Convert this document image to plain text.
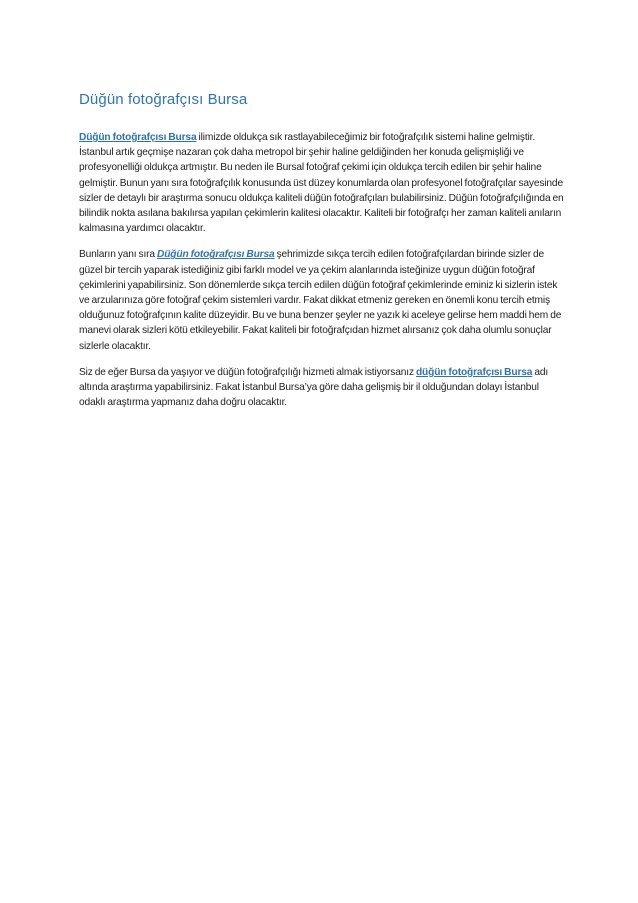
Düğün fotoğrafçısı Bursa

Düğün fotoğrafçısı Bursa ilimizde oldukça sık rastlayabileceğimiz bir fotoğrafçılık sistemi haline gelmiştir. İstanbul artık geçmişe nazaran çok daha metropol bir şehir haline geldiğinden her konuda gelişmişliği ve profesyonelliği oldukça artmıştır. Bu neden ile Bursal fotoğraf çekimi için oldukça tercih edilen bir şehir haline gelmiştir. Bunun yanı sıra fotoğrafçılık konusunda üst düzey konumlarda olan profesyonel fotoğrafçılar sayesinde sizler de detaylı bir araştırma sonucu oldukça kaliteli düğün fotoğrafçıları bulabilirsiniz. Düğün fotoğrafçılığında en bilindik nokta asılana bakılırsa yapılan çekimlerin kalitesi olacaktır. Kaliteli bir fotoğrafçı her zaman kaliteli anıların kalmasına yardımcı olacaktır.

Bunların yanı sıra Düğün fotoğrafçısı Bursa şehrimizde sıkça tercih edilen fotoğrafçılardan birinde sizler de güzel bir tercih yaparak istediğiniz gibi farklı model ve ya çekim alanlarında isteğinize uygun düğün fotoğraf çekimlerini yapabilirsiniz. Son dönemlerde sıkça tercih edilen düğün fotoğraf çekimlerinde eminiz ki sizlerin istek ve arzularınıza göre fotoğraf çekim sistemleri vardır. Fakat dikkat etmeniz gereken en önemli konu tercih etmiş olduğunuz fotoğrafçının kalite düzeyidir. Bu ve buna benzer şeyler ne yazık ki aceleye gelirse hem maddi hem de manevi olarak sizleri kötü etkileyebilir. Fakat kaliteli bir fotoğrafçıdan hizmet alırsanız çok daha olumlu sonuçlar sizlerle olacaktır.

Siz de eğer Bursa da yaşıyor ve düğün fotoğrafçılığı hizmeti almak istiyorsanız düğün fotoğrafçısı Bursa adı altında araştırma yapabilirsiniz. Fakat İstanbul Bursa’ya göre daha gelişmiş bir il olduğundan dolayı İstanbul odaklı araştırma yapmanız daha doğru olacaktır.
